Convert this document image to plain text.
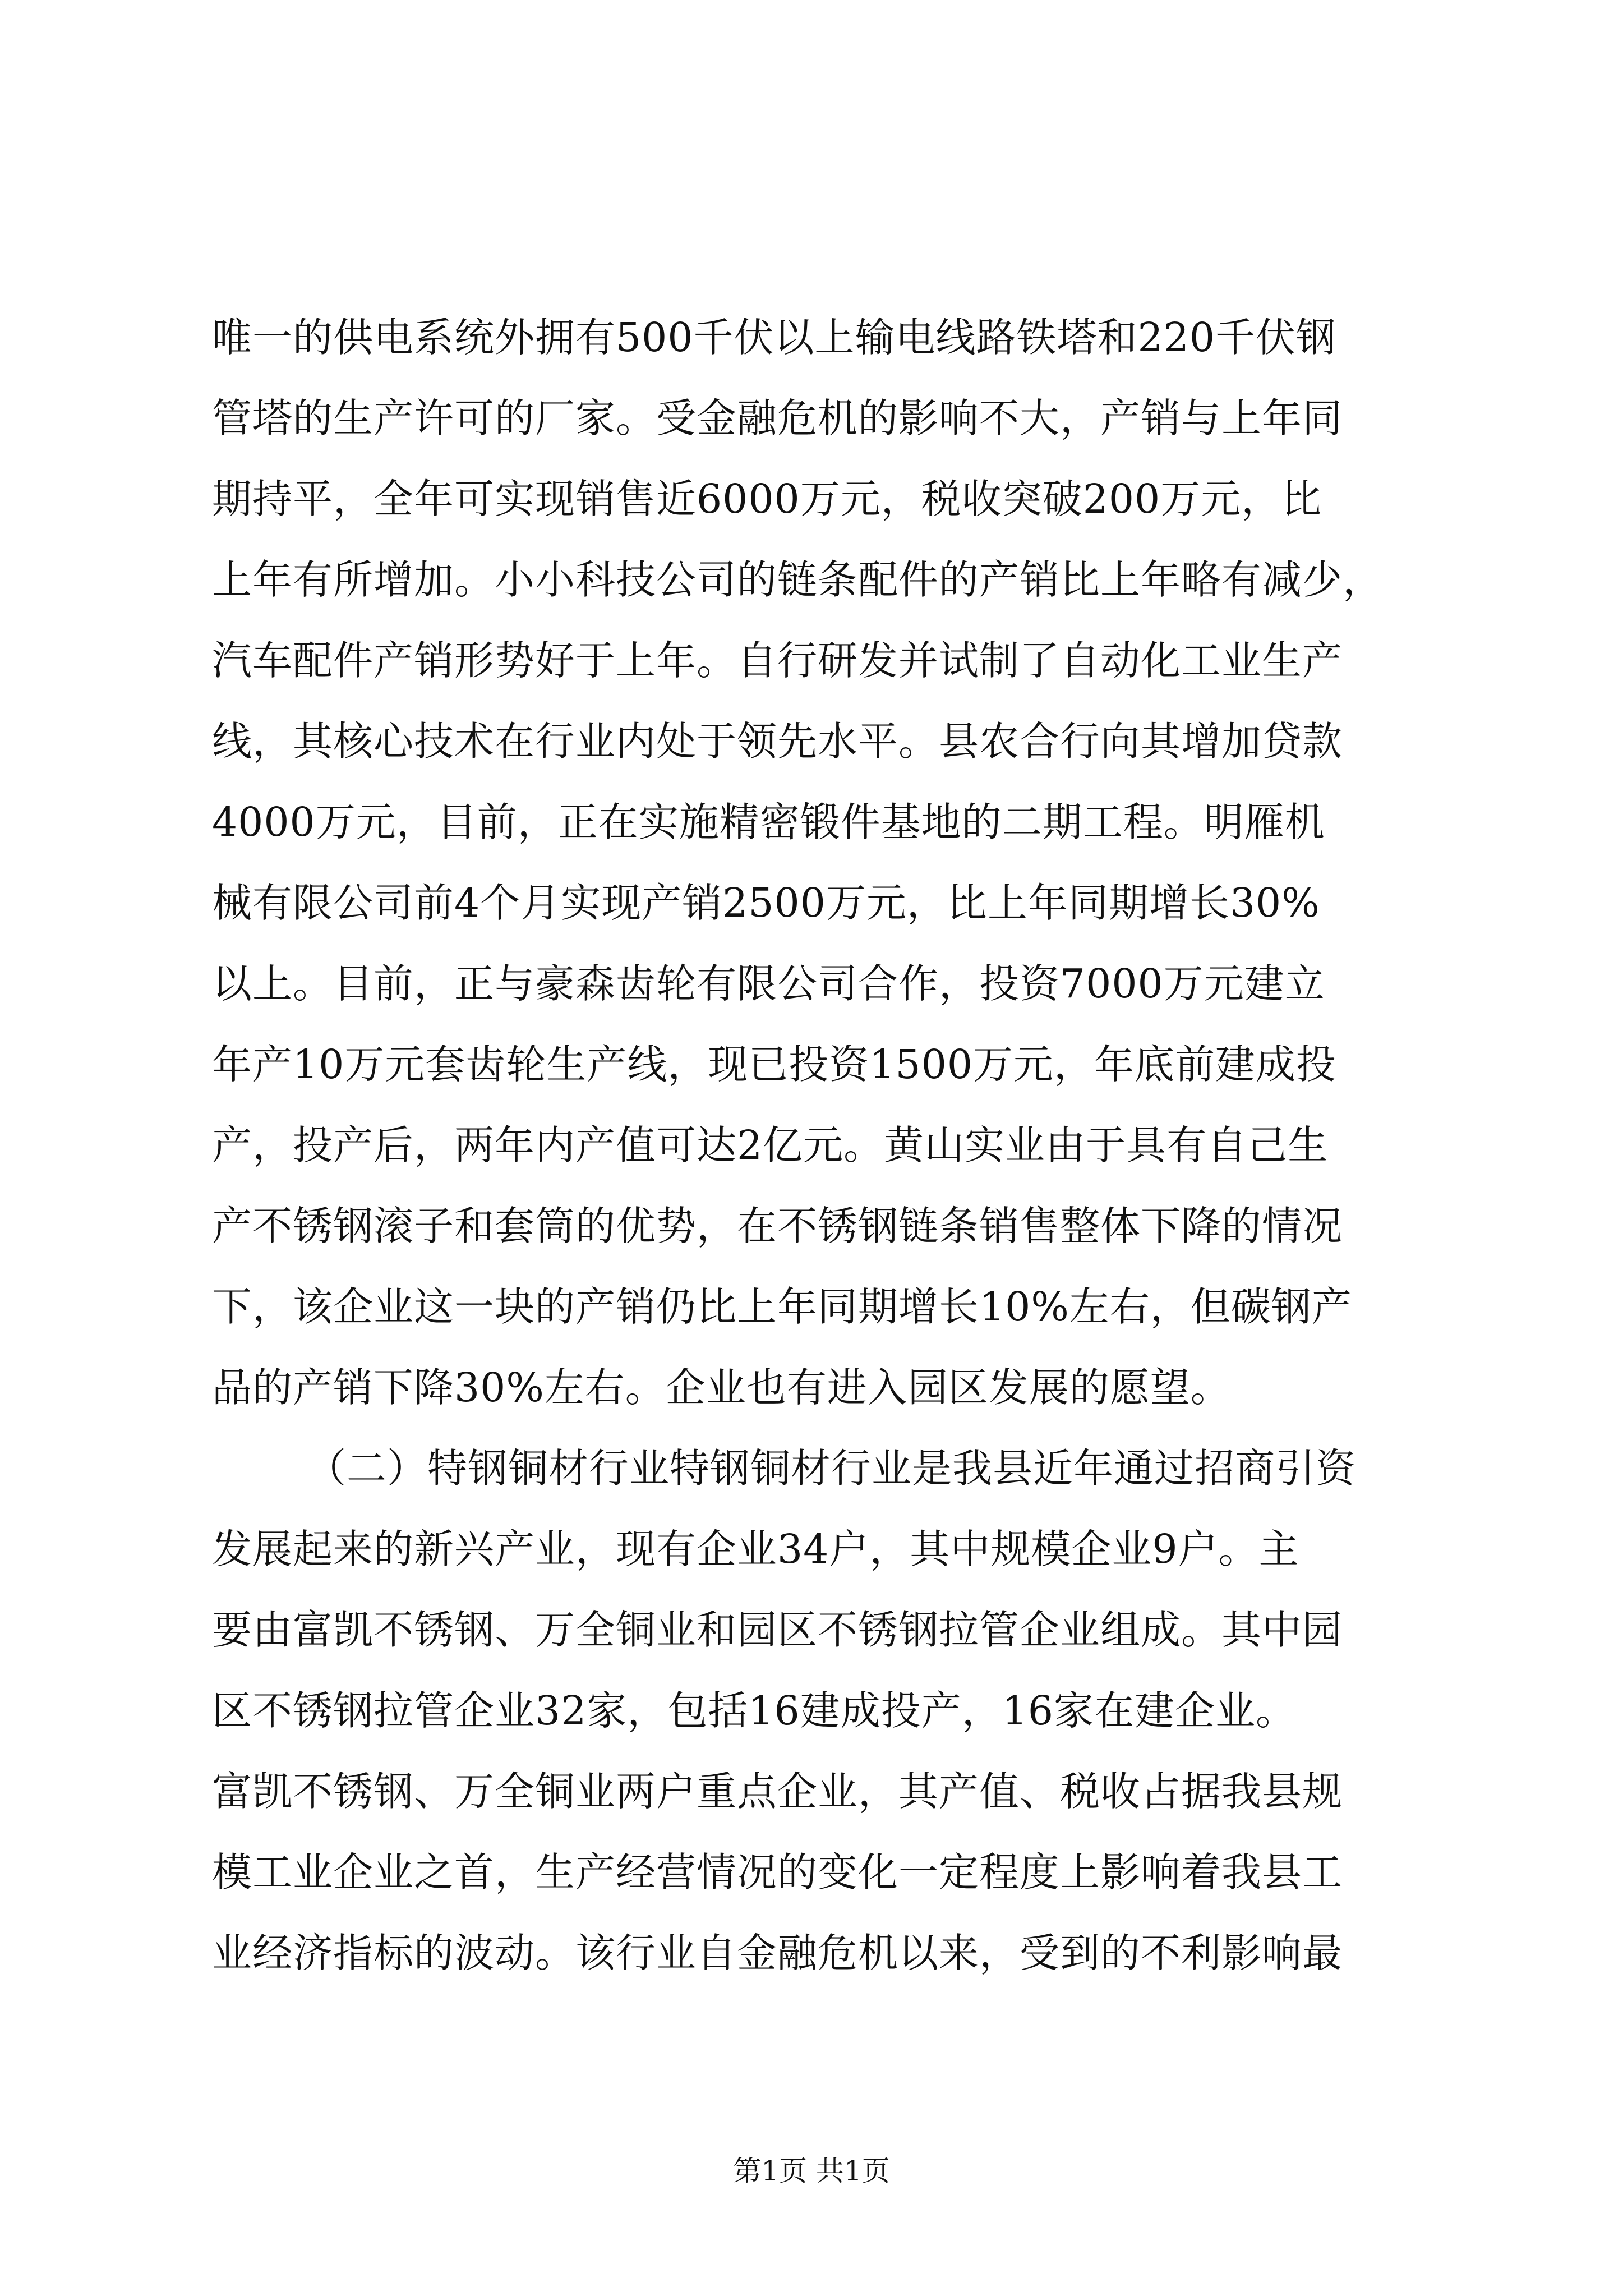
唯一的供电系统外拥有500千伏以上输电线路铁塔和220千伏钢
管塔的生产许可的厂家。受金融危机的影响不大，产销与上年同
期持平，全年可实现销售近6000万元，税收突破200万元，比
上年有所增加。小小科技公司的链条配件的产销比上年略有减少，
汽车配件产销形势好于上年。自行研发并试制了自动化工业生产
线，其核心技术在行业内处于领先水平。县农合行向其增加贷款
4000万元，目前，正在实施精密锻件基地的二期工程。明雁机
械有限公司前4个月实现产销2500万元，比上年同期增长30%
以上。目前，正与豪森齿轮有限公司合作，投资7000万元建立
年产10万元套齿轮生产线，现已投资1500万元，年底前建成投
产，投产后，两年内产值可达2亿元。黄山实业由于具有自己生
产不锈钢滚子和套筒的优势，在不锈钢链条销售整体下降的情况
下，该企业这一块的产销仍比上年同期增长10%左右，但碳钢产
品的产销下降30%左右。企业也有进入园区发展的愿望。
（二）特钢铜材行业特钢铜材行业是我县近年通过招商引资
发展起来的新兴产业，现有企业34户，其中规模企业9户。主
要由富凯不锈钢、万全铜业和园区不锈钢拉管企业组成。其中园
区不锈钢拉管企业32家，包括16建成投产，16家在建企业。
富凯不锈钢、万全铜业两户重点企业，其产值、税收占据我县规
模工业企业之首，生产经营情况的变化一定程度上影响着我县工
业经济指标的波动。该行业自金融危机以来，受到的不利影响最
第1页 共1页
